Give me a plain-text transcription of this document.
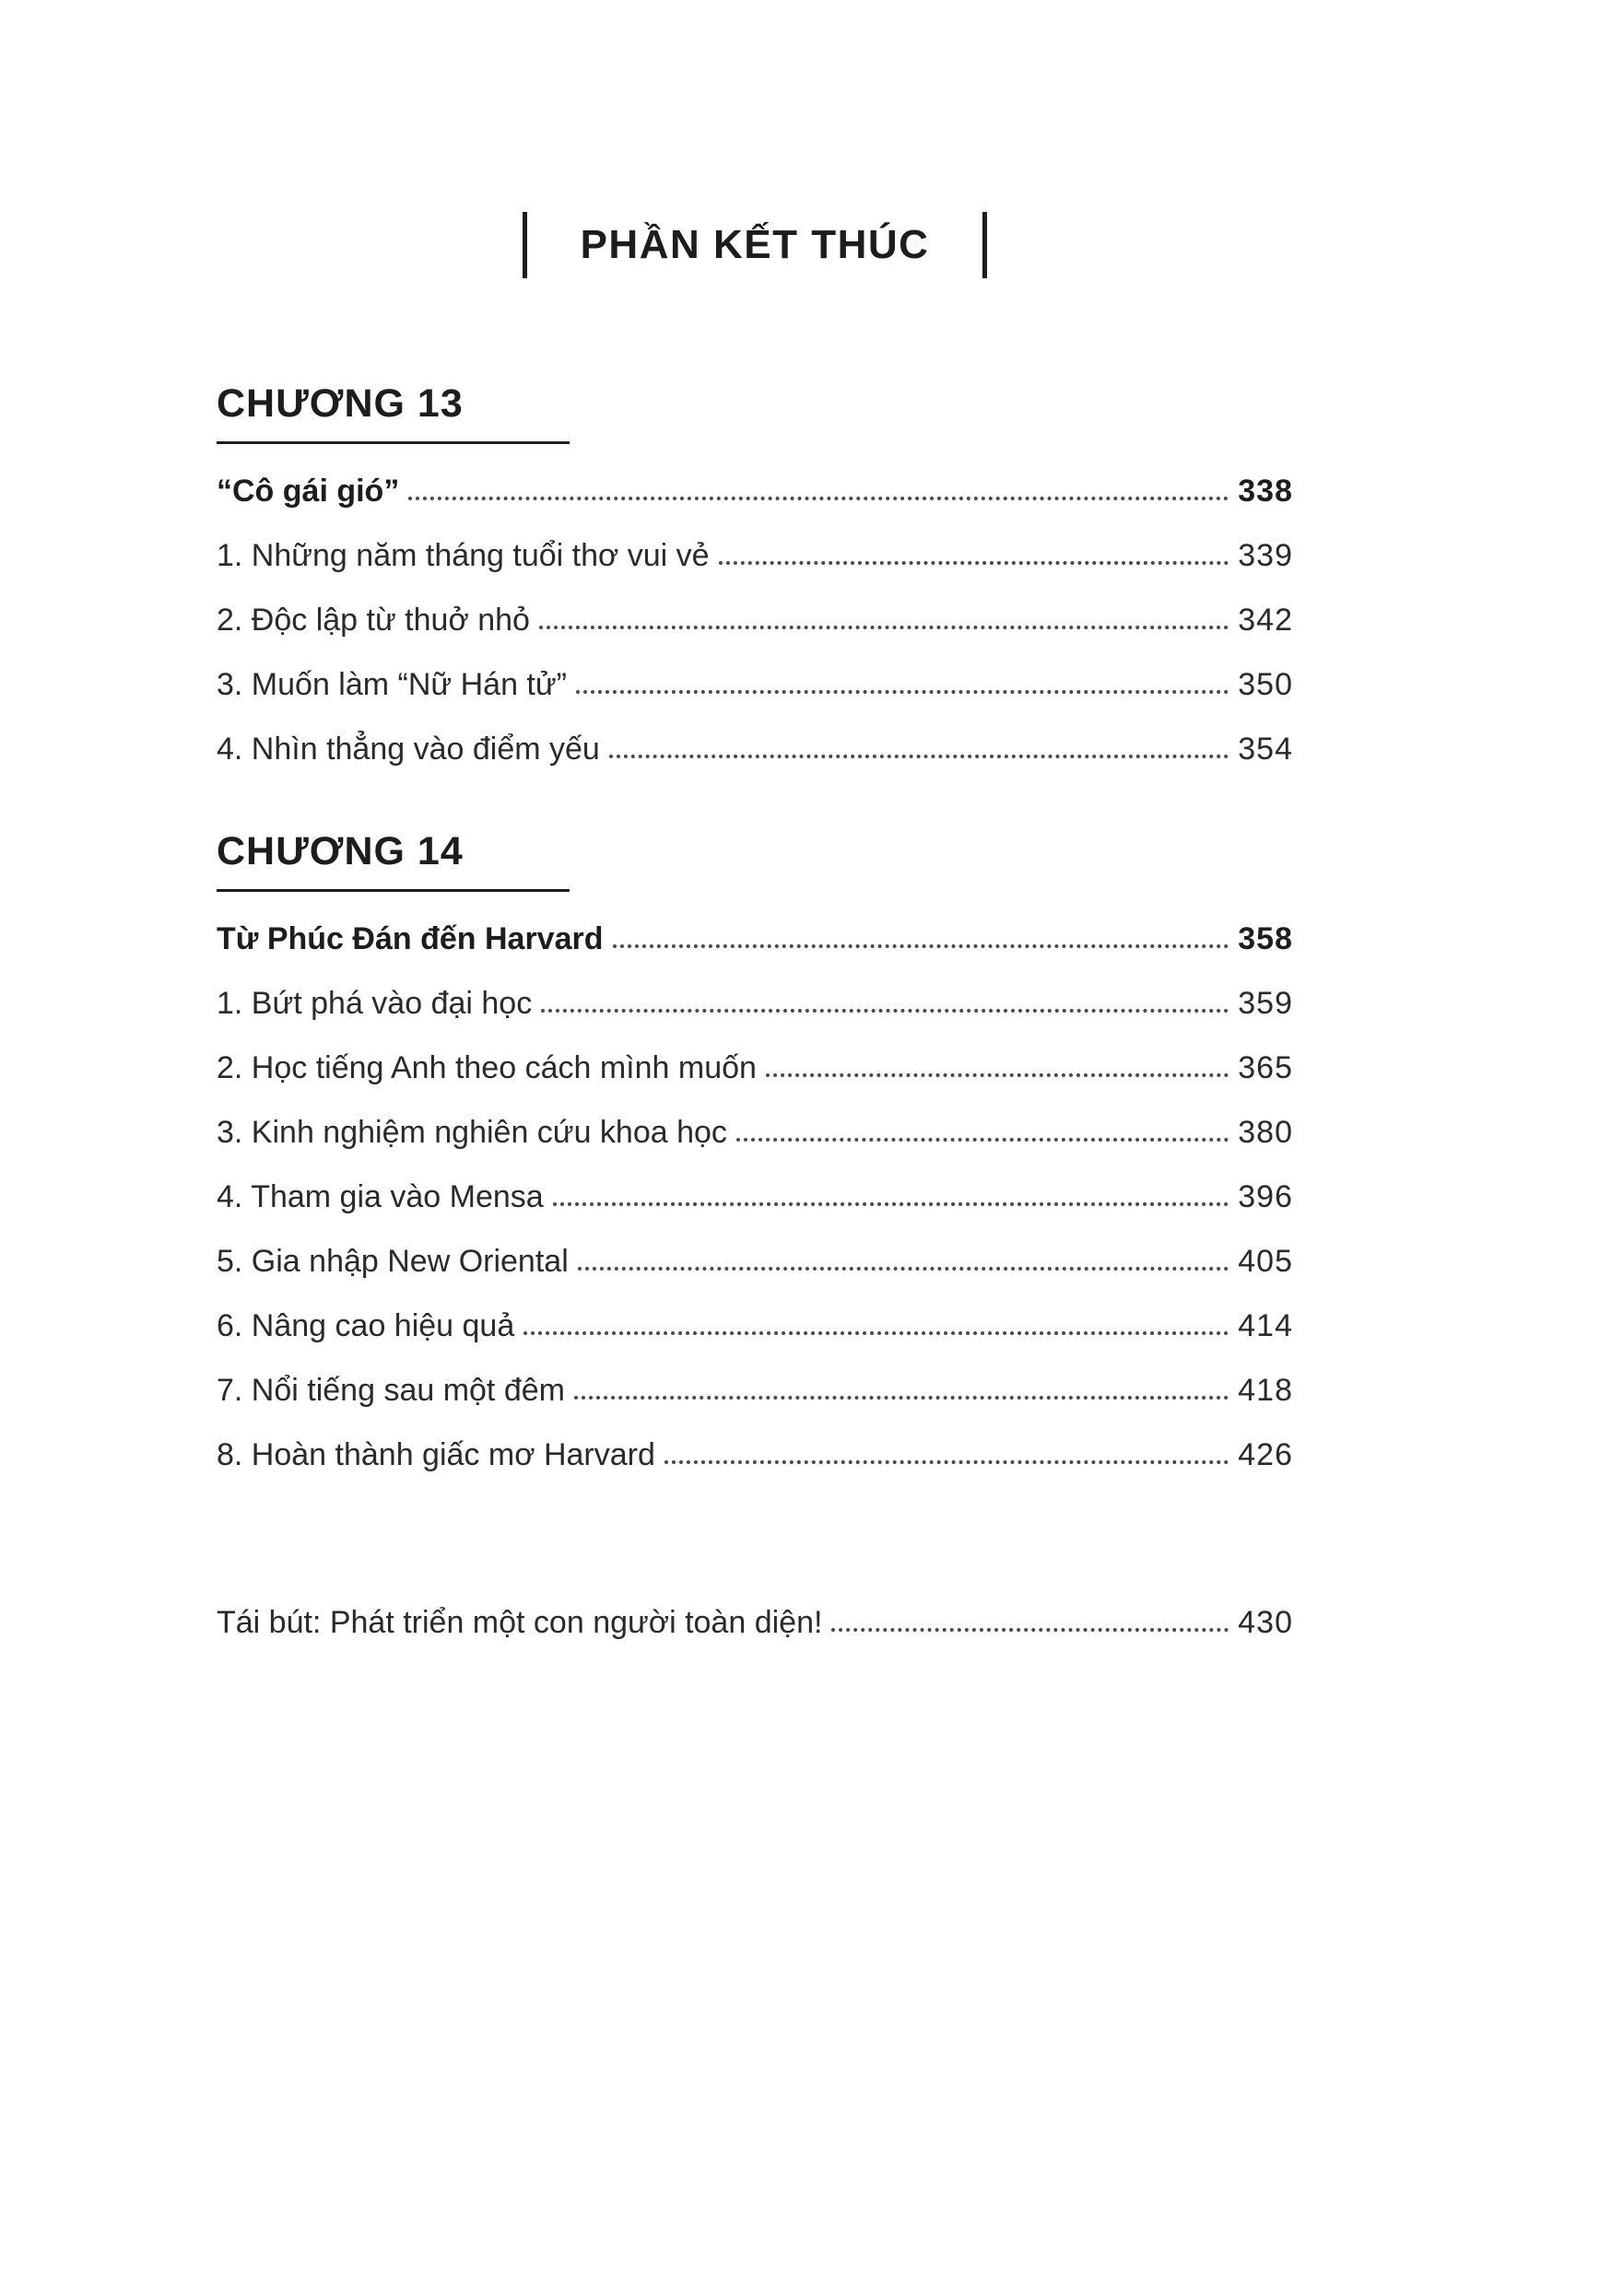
PHẦN KẾT THÚC
CHƯƠNG 13
“Cô gái gió”	338
1. Những năm tháng tuổi thơ vui vẻ	339
2. Độc lập từ thuở nhỏ	342
3. Muốn làm “Nữ Hán tử”	350
4. Nhìn thẳng vào điểm yếu	354
CHƯƠNG 14
Từ Phúc Đán đến Harvard	358
1. Bứt phá vào đại học	359
2. Học tiếng Anh theo cách mình muốn	365
3. Kinh nghiệm nghiên cứu khoa học	380
4. Tham gia vào Mensa	396
5. Gia nhập New Oriental	405
6. Nâng cao hiệu quả	414
7. Nổi tiếng sau một đêm	418
8. Hoàn thành giấc mơ Harvard	426
Tái bút: Phát triển một con người toàn diện!	430
